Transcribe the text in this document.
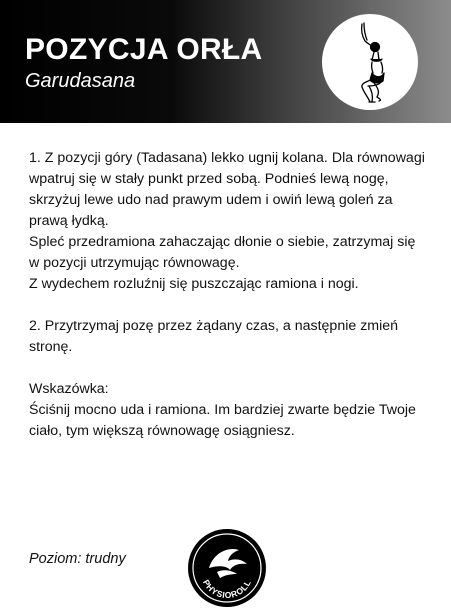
POZYCJA ORŁA

Garudasana

1. Z pozycji góry (Tadasana) lekko ugnij kolana. Dla równowagi wpatruj się w stały punkt przed sobą. Podnieś lewą nogę, skrzyżuj lewe udo nad prawym udem i owiń lewą goleń za prawą łydką.

Spleć przedramiona zahaczając dłonie o siebie, zatrzymaj się w pozycji utrzymując równowagę.

Z wydechem rozluźnij się puszczając ramiona i nogi.

2. Przytrzymaj pozę przez żądany czas, a następnie zmień stronę.

Wskazówka:

Ściśnij mocno uda i ramiona. Im bardziej zwarte będzie Twoje ciało, tym większą równowagę osiągniesz.

Poziom: trudny

PHYSIOROLL
